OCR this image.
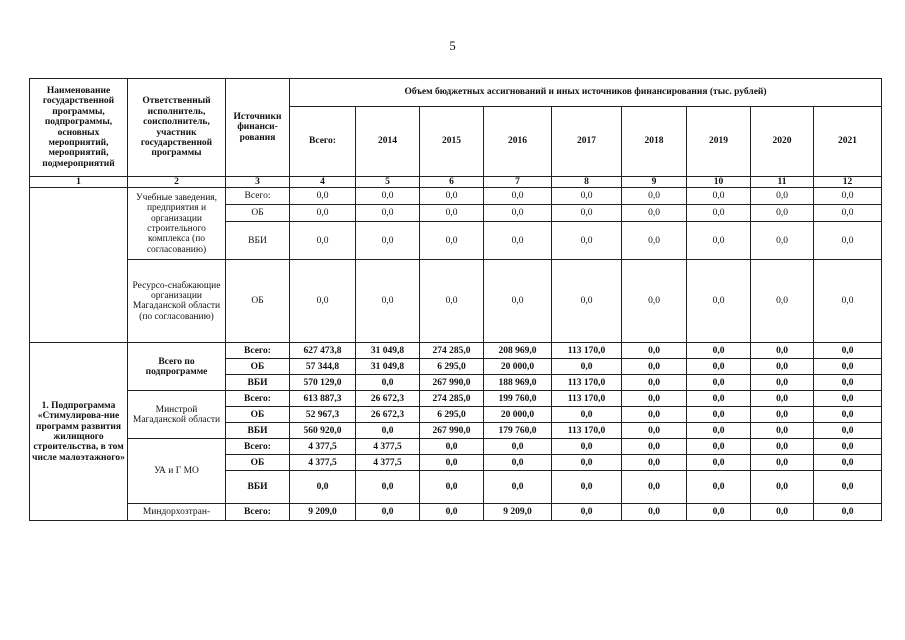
5
Наименование государственной программы, подпрограммы, основных мероприятий, мероприятий, подмероприятий	Ответственный исполнитель, соисполнитель, участник государственной программы	Источники финанси-рования	Объем бюджетных ассигнований и иных источников финансирования (тыс. рублей)								
			Всего:	2014	2015	2016	2017	2018	2019	2020	2021
1	2	3	4	5	6	7	8	9	10	11	12
	Учебные заведения, предприятия и организации строительного комплекса (по согласованию)	Всего:	0,0	0,0	0,0	0,0	0,0	0,0	0,0	0,0	0,0
		ОБ	0,0	0,0	0,0	0,0	0,0	0,0	0,0	0,0	0,0
		ВБИ	0,0	0,0	0,0	0,0	0,0	0,0	0,0	0,0	0,0
	Ресурсо-снабжающие организации Магаданской области (по согласованию)	ОБ	0,0	0,0	0,0	0,0	0,0	0,0	0,0	0,0	0,0
1. Подпрограмма «Стимулирова-ние программ развития жилищного строительства, в том числе малоэтажного»	Всего по подпрограмме	Всего:	627 473,8	31 049,8	274 285,0	208 969,0	113 170,0	0,0	0,0	0,0	0,0
		ОБ	57 344,8	31 049,8	6 295,0	20 000,0	0,0	0,0	0,0	0,0	0,0
		ВБИ	570 129,0	0,0	267 990,0	188 969,0	113 170,0	0,0	0,0	0,0	0,0
	Минстрой Магаданской области	Всего:	613 887,3	26 672,3	274 285,0	199 760,0	113 170,0	0,0	0,0	0,0	0,0
		ОБ	52 967,3	26 672,3	6 295,0	20 000,0	0,0	0,0	0,0	0,0	0,0
		ВБИ	560 920,0	0,0	267 990,0	179 760,0	113 170,0	0,0	0,0	0,0	0,0
	УА и Г МО	Всего:	4 377,5	4 377,5	0,0	0,0	0,0	0,0	0,0	0,0	0,0
		ОБ	4 377,5	4 377,5	0,0	0,0	0,0	0,0	0,0	0,0	0,0
		ВБИ	0,0	0,0	0,0	0,0	0,0	0,0	0,0	0,0	0,0
	Миндорхозтран-	Всего:	9 209,0	0,0	0,0	9 209,0	0,0	0,0	0,0	0,0	0,0
